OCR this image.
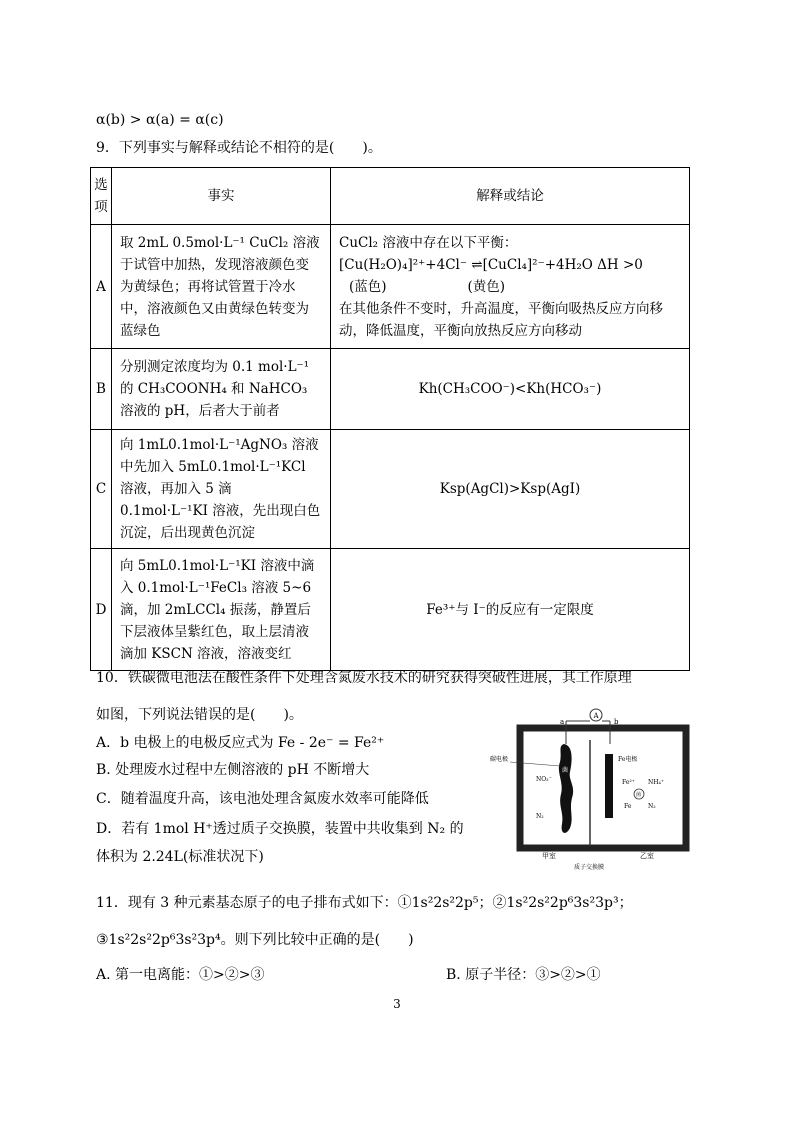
α(b) > α(a) = α(c)
9．下列事实与解释或结论不相符的是(　　)。
选项	事实	解释或结论
A	取 2mL 0.5mol·L⁻¹ CuCl₂ 溶液于试管中加热，发现溶液颜色变为黄绿色；再将试管置于冷水中，溶液颜色又由黄绿色转变为蓝绿色	CuCl₂ 溶液中存在以下平衡：
[Cu(H₂O)₄]²⁺+4Cl⁻ ⇌[CuCl₄]²⁻+4H₂O ΔH >0
(蓝色)　　　　　　(黄色)
在其他条件不变时，升高温度，平衡向吸热反应方向移动，降低温度，平衡向放热反应方向移动

B	分别测定浓度均为 0.1 mol·L⁻¹的 CH₃COONH₄ 和 NaHCO₃ 溶液的 pH，后者大于前者	Kh(CH₃COO⁻)<Kh(HCO₃⁻)
C	向 1mL0.1mol·L⁻¹AgNO₃ 溶液中先加入 5mL0.1mol·L⁻¹KCl 溶液，再加入 5 滴 0.1mol·L⁻¹KI 溶液，先出现白色沉淀，后出现黄色沉淀	Ksp(AgCl)>Ksp(AgI)
D	向 5mL0.1mol·L⁻¹KI 溶液中滴入 0.1mol·L⁻¹FeCl₃ 溶液 5~6 滴，加 2mLCCl₄ 振荡，静置后下层液体呈紫红色，取上层清液滴加 KSCN 溶液，溶液变红	Fe³⁺与 I⁻的反应有一定限度
10．铁碳微电池法在酸性条件下处理含氮废水技术的研究获得突破性进展，其工作原理
如图，下列说法错误的是(　　)。
A．b 电极上的电极反应式为 Fe - 2e⁻ = Fe²⁺
B. 处理废水过程中左侧溶液的 pH 不断增大
C．随着温度升高，该电池处理含氮废水效率可能降低
D．若有 1mol H⁺透过质子交换膜，装置中共收集到 N₂ 的
体积为 2.24L(标准状况下)
A
a	b
菌
碳电极	Fe电极
NO₃⁻
N₂
Fe²⁺ NH₄⁺
菌
Fe	N₂
甲室
质子交换膜
乙室
11．现有 3 种元素基态原子的电子排布式如下：①1s²2s²2p⁵；②1s²2s²2p⁶3s²3p³；
③1s²2s²2p⁶3s²3p⁴。则下列比较中正确的是(　　)
A. 第一电离能：①>②>③	B. 原子半径：③>②>①
3
